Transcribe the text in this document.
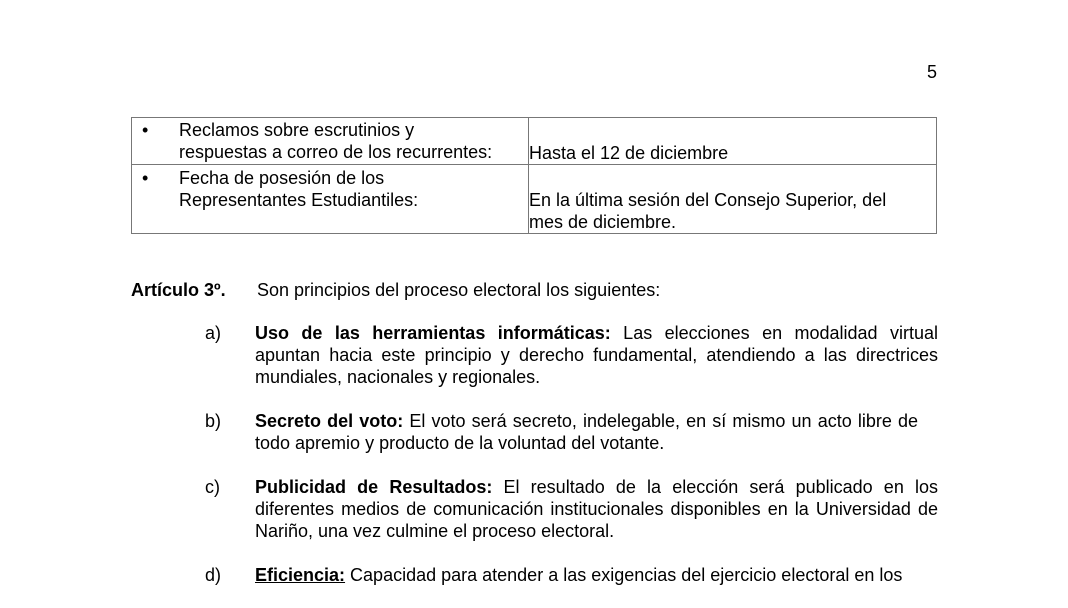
5
• Reclamos sobre escrutinios y
respuestas a correo de los recurrentes:	Hasta el 12 de diciembre

• Fecha de posesión de los
Representantes Estudiantiles:	En la última sesión del Consejo Superior, del
mes de diciembre.
Artículo 3º. Son principios del proceso electoral los siguientes:
a)	Uso de las herramientas informáticas: Las elecciones en modalidad virtual apuntan hacia este principio y derecho fundamental, atendiendo a las directrices mundiales, nacionales y regionales.
b)	Secreto del voto: El voto será secreto, indelegable, en sí mismo un acto libre de todo apremio y producto de la voluntad del votante.
c)	Publicidad de Resultados: El resultado de la elección será publicado en los diferentes medios de comunicación institucionales disponibles en la Universidad de Nariño, una vez culmine el proceso electoral.
d)	Eficiencia: Capacidad para atender a las exigencias del ejercicio electoral en los
